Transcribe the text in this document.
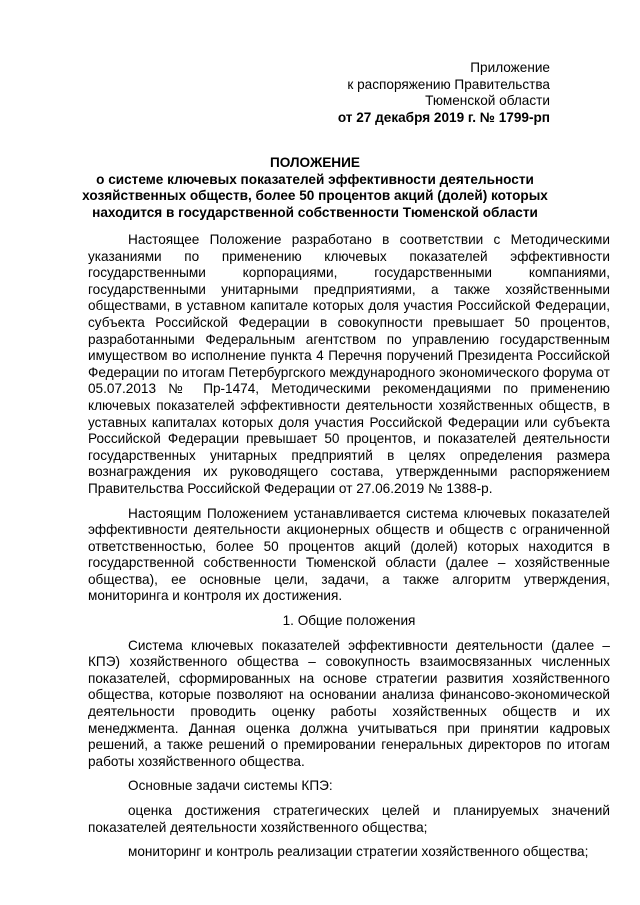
Приложение
к распоряжению Правительства
Тюменской области
от 27 декабря 2019 г. № 1799-рп
ПОЛОЖЕНИЕ
о системе ключевых показателей эффективности деятельности
хозяйственных обществ, более 50 процентов акций (долей) которых
находится в государственной собственности Тюменской области

Настоящее Положение разработано в соответствии с Методическими указаниями по применению ключевых показателей эффективности государственными корпорациями, государственными компаниями, государственными унитарными предприятиями, а также хозяйственными обществами, в уставном капитале которых доля участия Российской Федерации, субъекта Российской Федерации в совокупности превышает 50 процентов, разработанными Федеральным агентством по управлению государственным имуществом во исполнение пункта 4 Перечня поручений Президента Российской Федерации по итогам Петербургского международного экономического форума от 05.07.2013 № Пр-1474, Методическими рекомендациями по применению ключевых показателей эффективности деятельности хозяйственных обществ, в уставных капиталах которых доля участия Российской Федерации или субъекта Российской Федерации превышает 50 процентов, и показателей деятельности государственных унитарных предприятий в целях определения размера вознаграждения их руководящего состава, утвержденными распоряжением Правительства Российской Федерации от 27.06.2019 № 1388-р.

Настоящим Положением устанавливается система ключевых показателей эффективности деятельности акционерных обществ и обществ с ограниченной ответственностью, более 50 процентов акций (долей) которых находится в государственной собственности Тюменской области (далее – хозяйственные общества), ее основные цели, задачи, а также алгоритм утверждения, мониторинга и контроля их достижения.

1. Общие положения

Система ключевых показателей эффективности деятельности (далее – КПЭ) хозяйственного общества – совокупность взаимосвязанных численных показателей, сформированных на основе стратегии развития хозяйственного общества, которые позволяют на основании анализа финансово-экономической деятельности проводить оценку работы хозяйственных обществ и их менеджмента. Данная оценка должна учитываться при принятии кадровых решений, а также решений о премировании генеральных директоров по итогам работы хозяйственного общества.

Основные задачи системы КПЭ:

оценка достижения стратегических целей и планируемых значений показателей деятельности хозяйственного общества;

мониторинг и контроль реализации стратегии хозяйственного общества;
